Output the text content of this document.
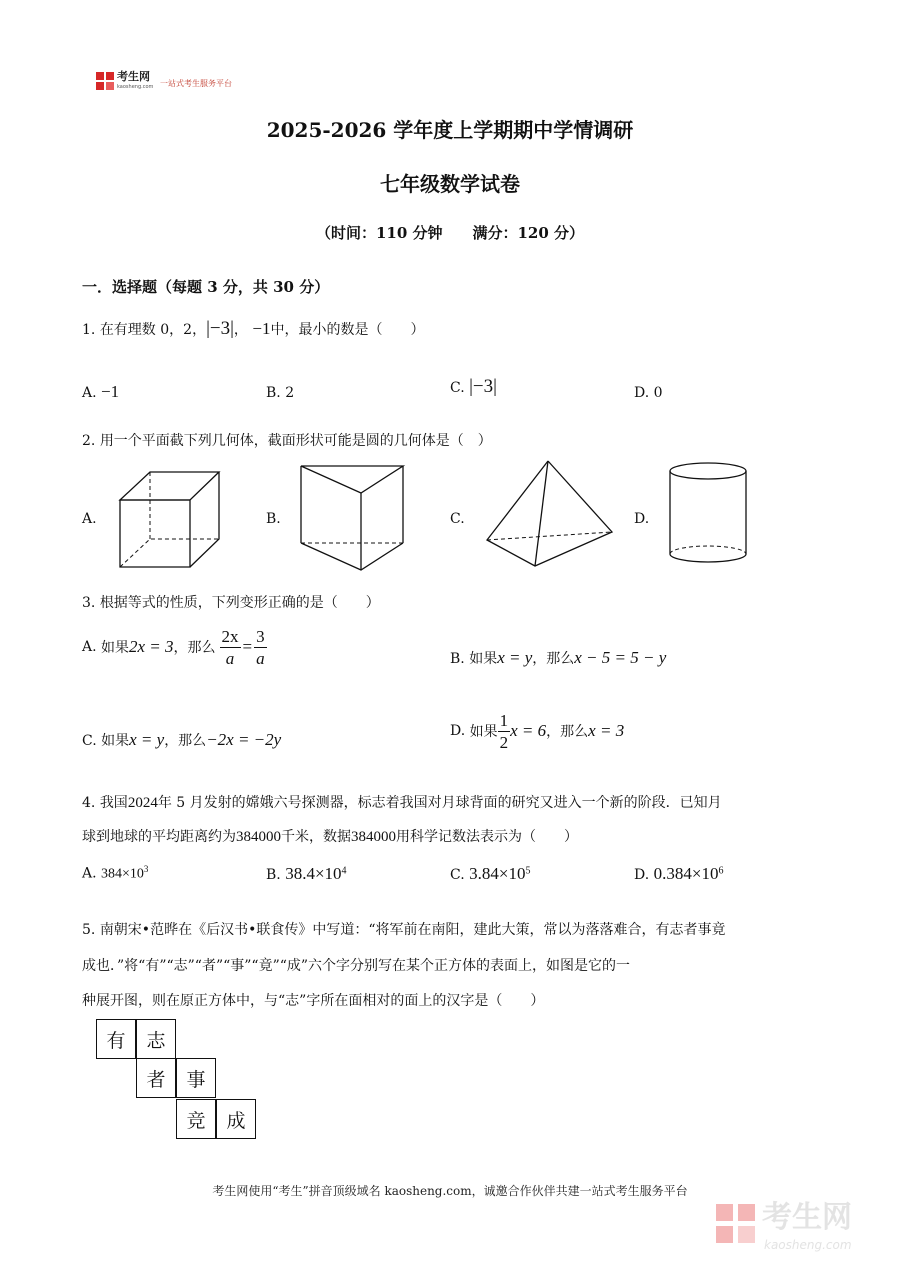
考生网
kaosheng.com 一站式考生服务平台
2025-2026 学年度上学期期中学情调研
七年级数学试卷
（时间：110 分钟　　满分：120 分）
一．选择题（每题 3 分，共 30 分）
1. 在有理数 0，2，|−3|， −1中，最小的数是（　　）
A. −1	B. 2	C. |−3|	D. 0
2. 用一个平面截下列几何体，截面形状可能是圆的几何体是（　）
A.	B.	C.	D.
3. 根据等式的性质，下列变形正确的是（　　）
A.
如果 2x = 3 ，那么 $\frac{2x}{a} = \frac{3}{a}$	B. 如果x = y，那么x − 5 = 5 − y
C. 如果x = y，那么−2x = −2y	D.
如果 $\frac{1}{2}$ x = 6 ，那么 x = 3
4. 我国2024年 5 月发射的嫦娥六号探测器，标志着我国对月球背面的研究又进入一个新的阶段．已知月
球到地球的平均距离约为384000千米，数据384000用科学记数法表示为（　　）
A. $384\times 10^3$	B. $38.4\times 10^4$	C. $3.84\times 10^5$	D. $0.384\times 10^6$
5. 南朝宋•范晔在《后汉书•联食传》中写道：“将军前在南阳，建此大策，常以为落落难合，有志者事竟
成也．”将“有”“志”“者”“事”“竟”“成”六个字分别写在某个正方体的表面上，如图是它的一
种展开图，则在原正方体中，与“志”字所在面相对的面上的汉字是（　　）
有	志
者	事
竞	成
考生网使用“考生”拼音顶级域名 kaosheng.com，诚邀合作伙伴共建一站式考生服务平台
考生网
kaosheng.com
